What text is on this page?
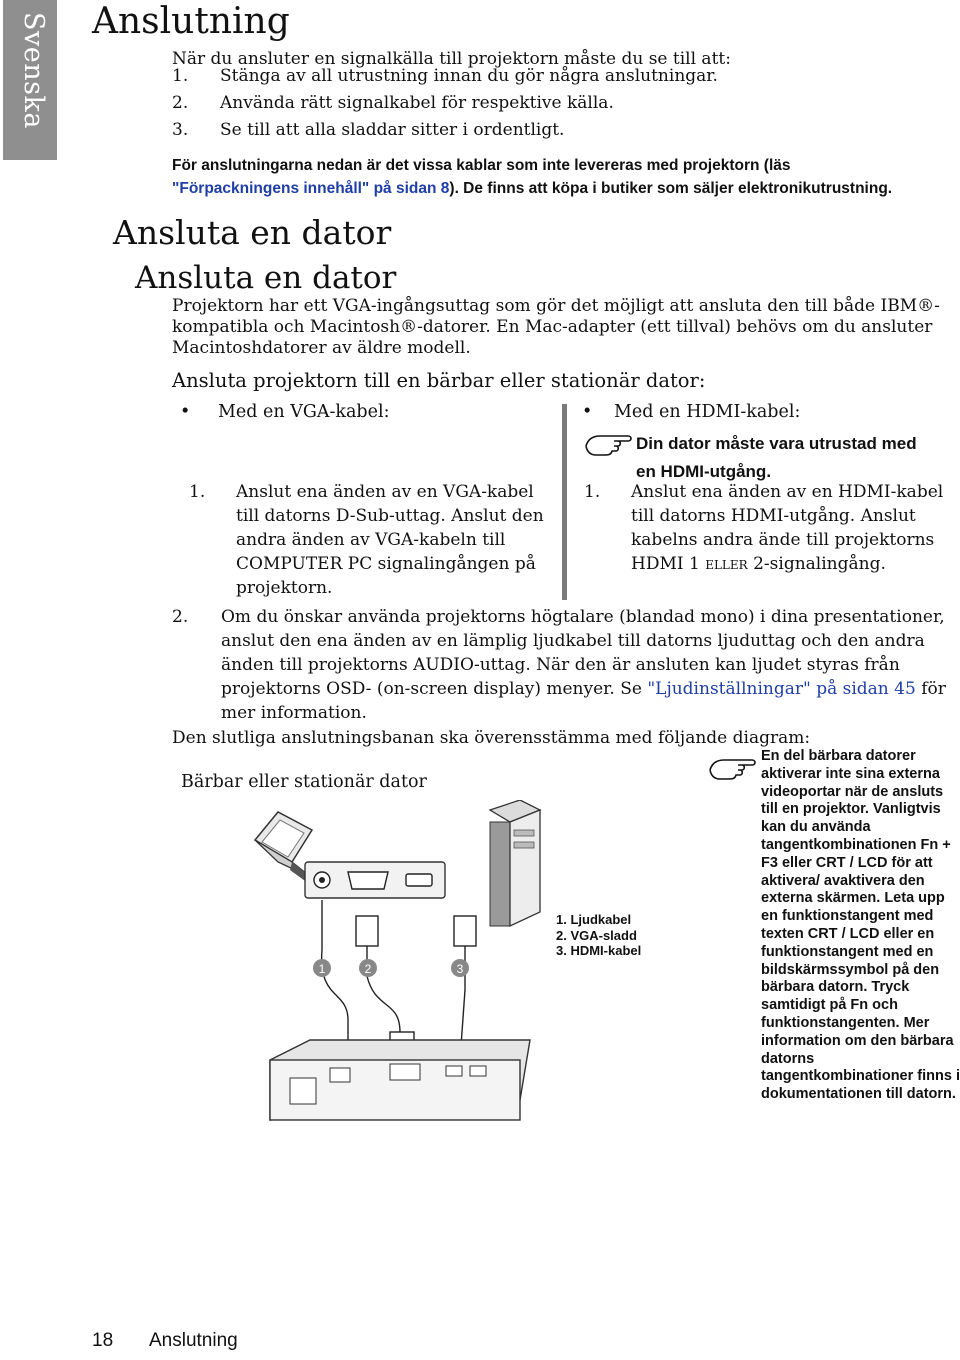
Svenska Anslutning
När du ansluter en signalkälla till projektorn måste du se till att:
1. Stänga av all utrustning innan du gör några anslutningar.
2. Använda rätt signalkabel för respektive källa.
3. Se till att alla sladdar sitter i ordentligt.
För anslutningarna nedan är det vissa kablar som inte levereras med projektorn (läs "Förpackningens innehåll" på sidan 8). De finns att köpa i butiker som säljer elektronikutrustning.
Ansluta en dator
Ansluta en dator
Projektorn har ett VGA-ingångsuttag som gör det möjligt att ansluta den till både IBM®-kompatibla och Macintosh®-datorer. En Mac-adapter (ett tillval) behövs om du ansluter Macintoshdatorer av äldre modell.
Ansluta projektorn till en bärbar eller stationär dator:
• Med en VGA-kabel:	• Med en HDMI-kabel:
Din dator måste vara utrustad med en HDMI-utgång.
1. Anslut ena änden av en VGA-kabel till datorns D-Sub-uttag. Anslut den andra änden av VGA-kabeln till COMPUTER PC signalingången på projektorn.
1. Anslut ena änden av en HDMI-kabel till datorns HDMI-utgång. Anslut kabelns andra ände till projektorns HDMI 1 eller 2-signalingång.
2. Om du önskar använda projektorns högtalare (blandad mono) i dina presentationer, anslut den ena änden av en lämplig ljudkabel till datorns ljuduttag och den andra änden till projektorns AUDIO-uttag. När den är ansluten kan ljudet styras från projektorns OSD- (on-screen display) menyer. Se "Ljudinställningar" på sidan 45 för mer information.
Den slutliga anslutningsbanan ska överensstämma med följande diagram:
Bärbar eller stationär dator
En del bärbara datorer aktiverar inte sina externa videoportar när de ansluts till en projektor. Vanligtvis kan du använda tangentkombinationen Fn + F3 eller CRT / LCD för att aktivera/ avaktivera den externa skärmen. Leta upp en funktionstangent med texten CRT / LCD eller en funktionstangent med en bildskärmssymbol på den bärbara datorn. Tryck samtidigt på Fn och funktionstangenten. Mer information om den bärbara datorns tangentkombinationer finns i dokumentationen till datorn.
1	2	3
1. Ljudkabel
2. VGA-sladd
3. HDMI-kabel
18 Anslutning
